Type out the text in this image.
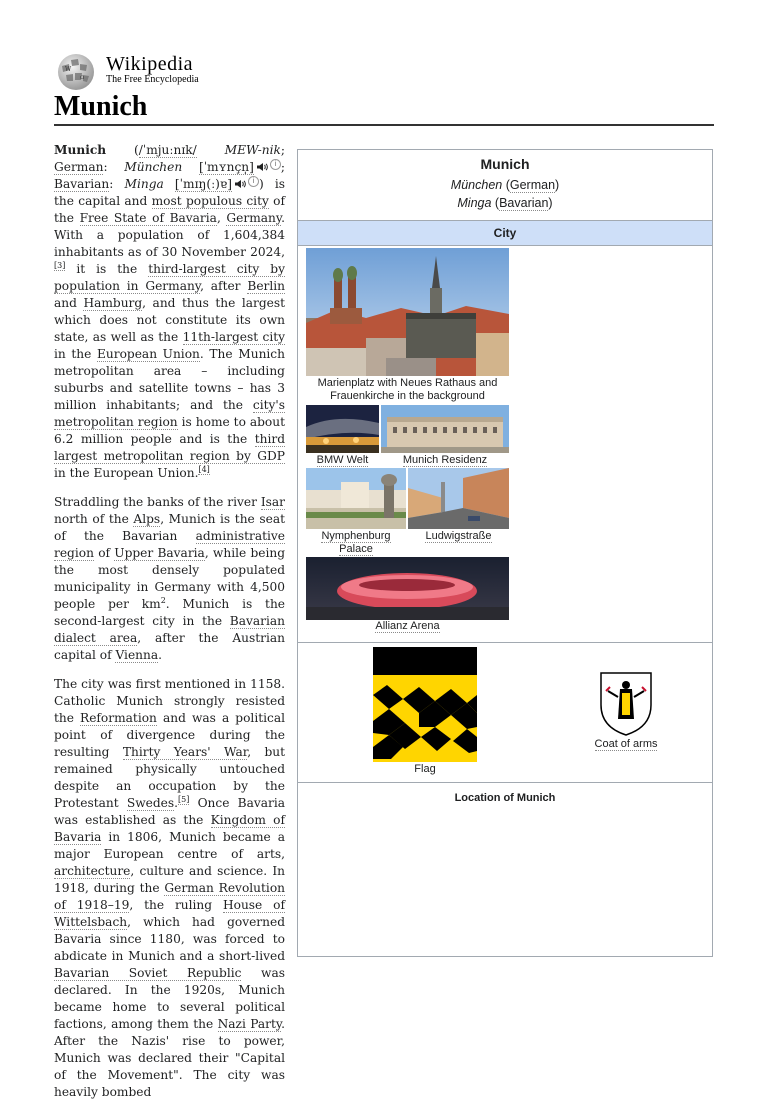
W
Ω
Wikipedia
The Free Encyclopedia
Munich

Munich (/ˈmjuːnɪk/ MEW-nik; German: München [ˈmʏnçn̩]	i ; Bavarian: Minga [ˈmɪŋ(ː)ɐ]	i ) is the capital and most populous city of the Free State of Bavaria, Germany. With a population of 1,604,384 inhabitants as of 30 November 2024,[3] it is the third-largest city by population in Germany, after Berlin and Hamburg, and thus the largest which does not constitute its own state, as well as the 11th-largest city in the European Union. The Munich metropolitan area – including suburbs and satellite towns – has 3 million inhabitants; and the city's metropolitan region is home to about 6.2 million people and is the third largest metropolitan region by GDP in the European Union.[4]

Straddling the banks of the river Isar north of the Alps, Munich is the seat of the Bavarian administrative region of Upper Bavaria, while being the most densely populated municipality in Germany with 4,500 people per $km^2$. Munich is the second-largest city in the Bavarian dialect area, after the Austrian capital of Vienna.

The city was first mentioned in 1158. Catholic Munich strongly resisted the Reformation and was a political point of divergence during the resulting Thirty Years' War, but remained physically untouched despite an occupation by the Protestant Swedes.[5] Once Bavaria was established as the Kingdom of Bavaria in 1806, Munich became a major European centre of arts, architecture, culture and science. In 1918, during the German Revolution of 1918–19, the ruling House of Wittelsbach, which had governed Bavaria since 1180, was forced to abdicate in Munich and a short-lived Bavarian Soviet Republic was declared. In the 1920s, Munich became home to several political factions, among them the Nazi Party. After the Nazis' rise to power, Munich was declared their "Capital of the Movement". The city was heavily bombed

Munich
München (German)
Minga (Bavarian)
City
Marienplatz with Neues Rathaus and Frauenkirche in the background
BMW Welt	Munich Residenz
Nymphenburg Palace
Ludwigstraße
Allianz Arena
Flag
Coat of arms
Location of Munich
